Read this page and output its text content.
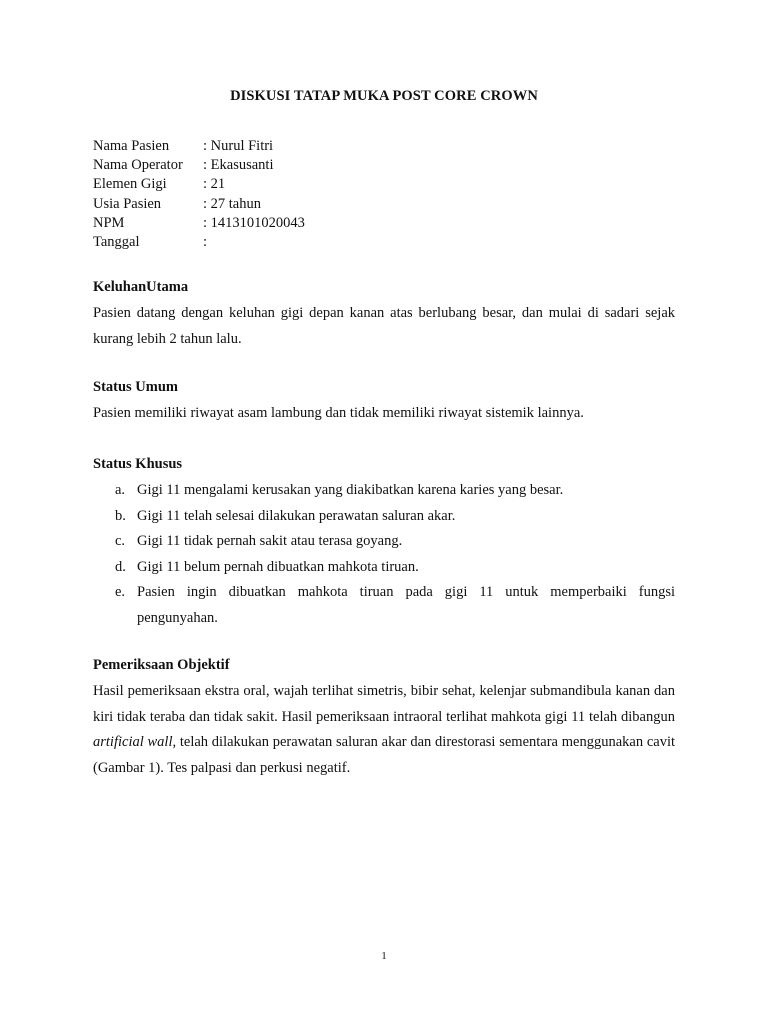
DISKUSI TATAP MUKA POST CORE CROWN
Nama Pasien	: Nurul Fitri
Nama Operator	: Ekasusanti
Elemen Gigi	: 21
Usia Pasien	: 27 tahun
NPM	: 1413101020043
Tanggal	:
KeluhanUtama
Pasien datang dengan keluhan gigi depan kanan atas berlubang besar, dan mulai di sadari sejak kurang lebih 2 tahun lalu.
Status Umum
Pasien memiliki riwayat asam lambung dan tidak memiliki riwayat sistemik lainnya.
Status Khusus
a. Gigi 11 mengalami kerusakan yang diakibatkan karena karies yang besar.
b. Gigi 11 telah selesai dilakukan perawatan saluran akar.
c. Gigi 11 tidak pernah sakit atau terasa goyang.
d. Gigi 11 belum pernah dibuatkan mahkota tiruan.
e. Pasien ingin dibuatkan mahkota tiruan pada gigi 11 untuk memperbaiki fungsi pengunyahan.
Pemeriksaan Objektif
Hasil pemeriksaan ekstra oral, wajah terlihat simetris, bibir sehat, kelenjar submandibula kanan dan kiri tidak teraba dan tidak sakit. Hasil pemeriksaan intraoral terlihat mahkota gigi 11 telah dibangun artificial wall, telah dilakukan perawatan saluran akar dan direstorasi sementara menggunakan cavit (Gambar 1). Tes palpasi dan perkusi negatif.
1
